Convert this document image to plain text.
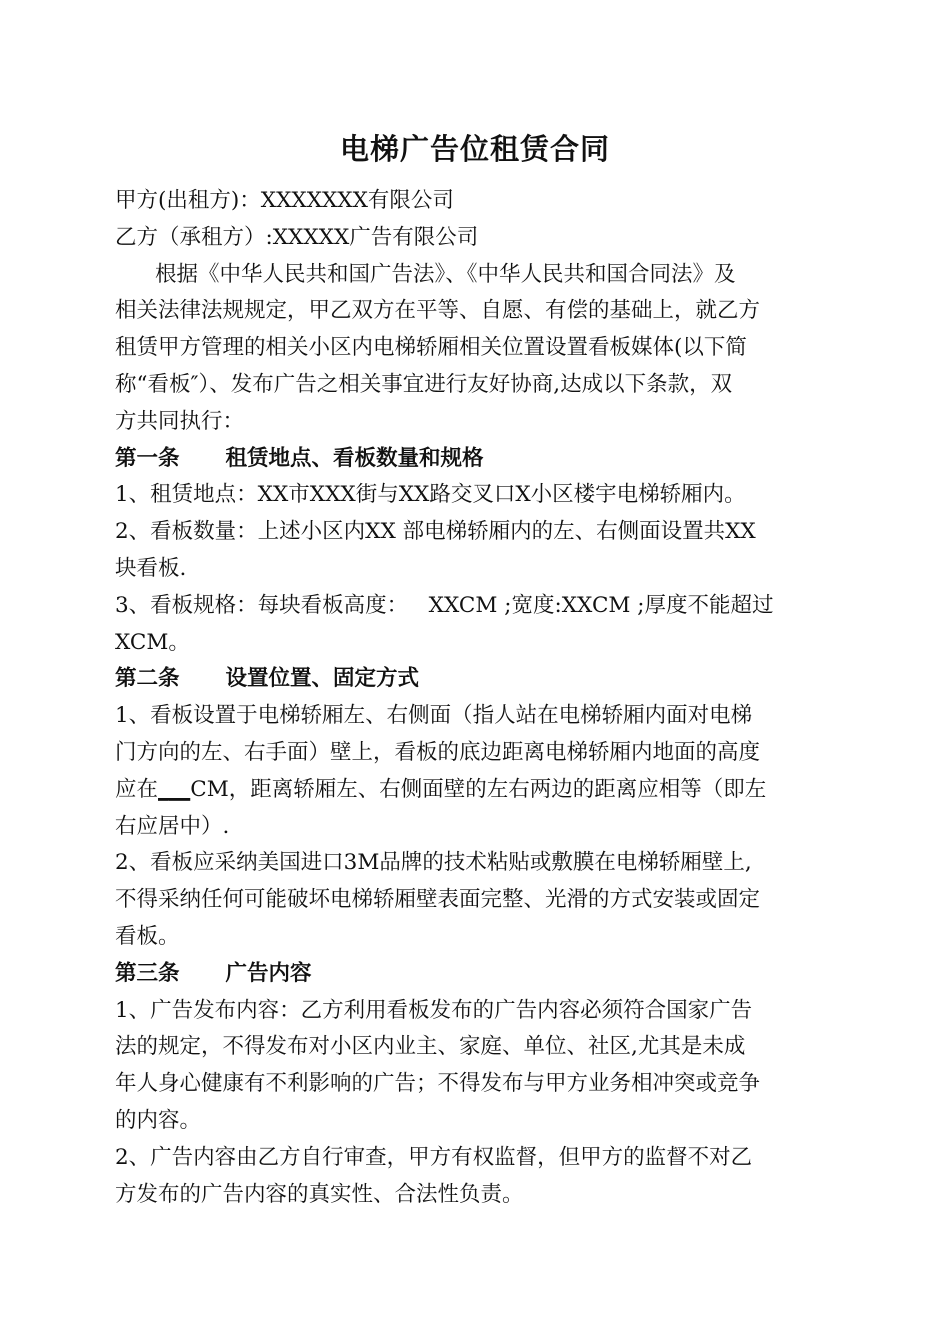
电梯广告位租赁合同
甲方(出租方)：XXXXXXX有限公司
乙方（承租方）:XXXXX广告有限公司
根据《中华人民共和国广告法》、《中华人民共和国合同法》及
相关法律法规规定，甲乙双方在平等、自愿、有偿的基础上，就乙方
租赁甲方管理的相关小区内电梯轿厢相关位置设置看板媒体(以下简
称“看板″）、发布广告之相关事宜进行友好协商,达成以下条款，双
方共同执行：
第一条 租赁地点、看板数量和规格
1、租赁地点：XX市XXX街与XX路交叉口X小区楼宇电梯轿厢内。
2、看板数量：上述小区内XX 部电梯轿厢内的左、右侧面设置共XX
块看板.
3、看板规格：每块看板高度：   XXCM ;宽度:XXCM ;厚度不能超过
XCM。
第二条 设置位置、固定方式
1、看板设置于电梯轿厢左、右侧面（指人站在电梯轿厢内面对电梯
门方向的左、右手面）壁上，看板的底边距离电梯轿厢内地面的高度
应在___CM，距离轿厢左、右侧面壁的左右两边的距离应相等（即左
右应居中）.
2、看板应采纳美国进口3M品牌的技术粘贴或敷膜在电梯轿厢壁上,
不得采纳任何可能破坏电梯轿厢壁表面完整、光滑的方式安装或固定
看板。
第三条 广告内容
1、广告发布内容：乙方利用看板发布的广告内容必须符合国家广告
法的规定，不得发布对小区内业主、家庭、单位、社区,尤其是未成
年人身心健康有不利影响的广告；不得发布与甲方业务相冲突或竞争
的内容。
2、广告内容由乙方自行审查，甲方有权监督，但甲方的监督不对乙
方发布的广告内容的真实性、合法性负责。
